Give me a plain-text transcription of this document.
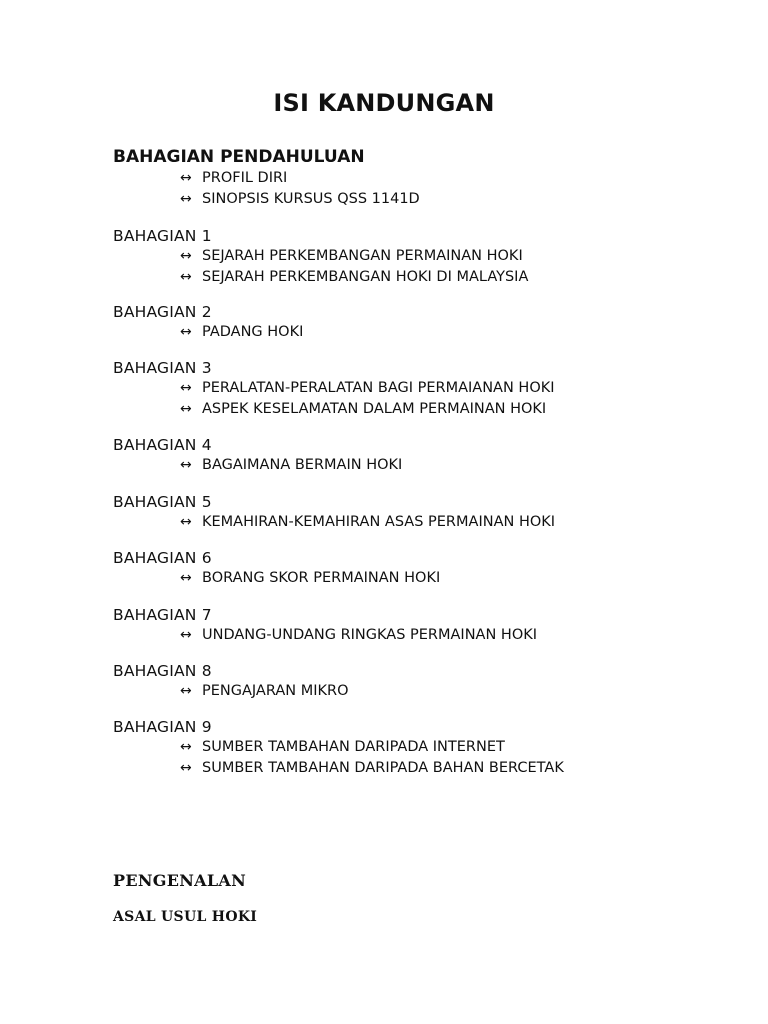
ISI KANDUNGAN
BAHAGIAN PENDAHULUAN
↔ PROFIL DIRI
↔ SINOPSIS KURSUS QSS 1141D
BAHAGIAN 1
↔ SEJARAH PERKEMBANGAN PERMAINAN HOKI
↔ SEJARAH PERKEMBANGAN HOKI DI MALAYSIA
BAHAGIAN 2
↔ PADANG HOKI
BAHAGIAN 3
↔ PERALATAN-PERALATAN BAGI PERMAIANAN HOKI
↔ ASPEK KESELAMATAN DALAM PERMAINAN HOKI
BAHAGIAN 4
↔ BAGAIMANA BERMAIN HOKI
BAHAGIAN 5
↔ KEMAHIRAN-KEMAHIRAN ASAS PERMAINAN HOKI
BAHAGIAN 6
↔ BORANG SKOR PERMAINAN HOKI
BAHAGIAN 7
↔ UNDANG-UNDANG RINGKAS PERMAINAN HOKI
BAHAGIAN 8
↔ PENGAJARAN MIKRO
BAHAGIAN 9
↔ SUMBER TAMBAHAN DARIPADA INTERNET
↔ SUMBER TAMBAHAN DARIPADA BAHAN BERCETAK
PENGENALAN
ASAL USUL HOKI
